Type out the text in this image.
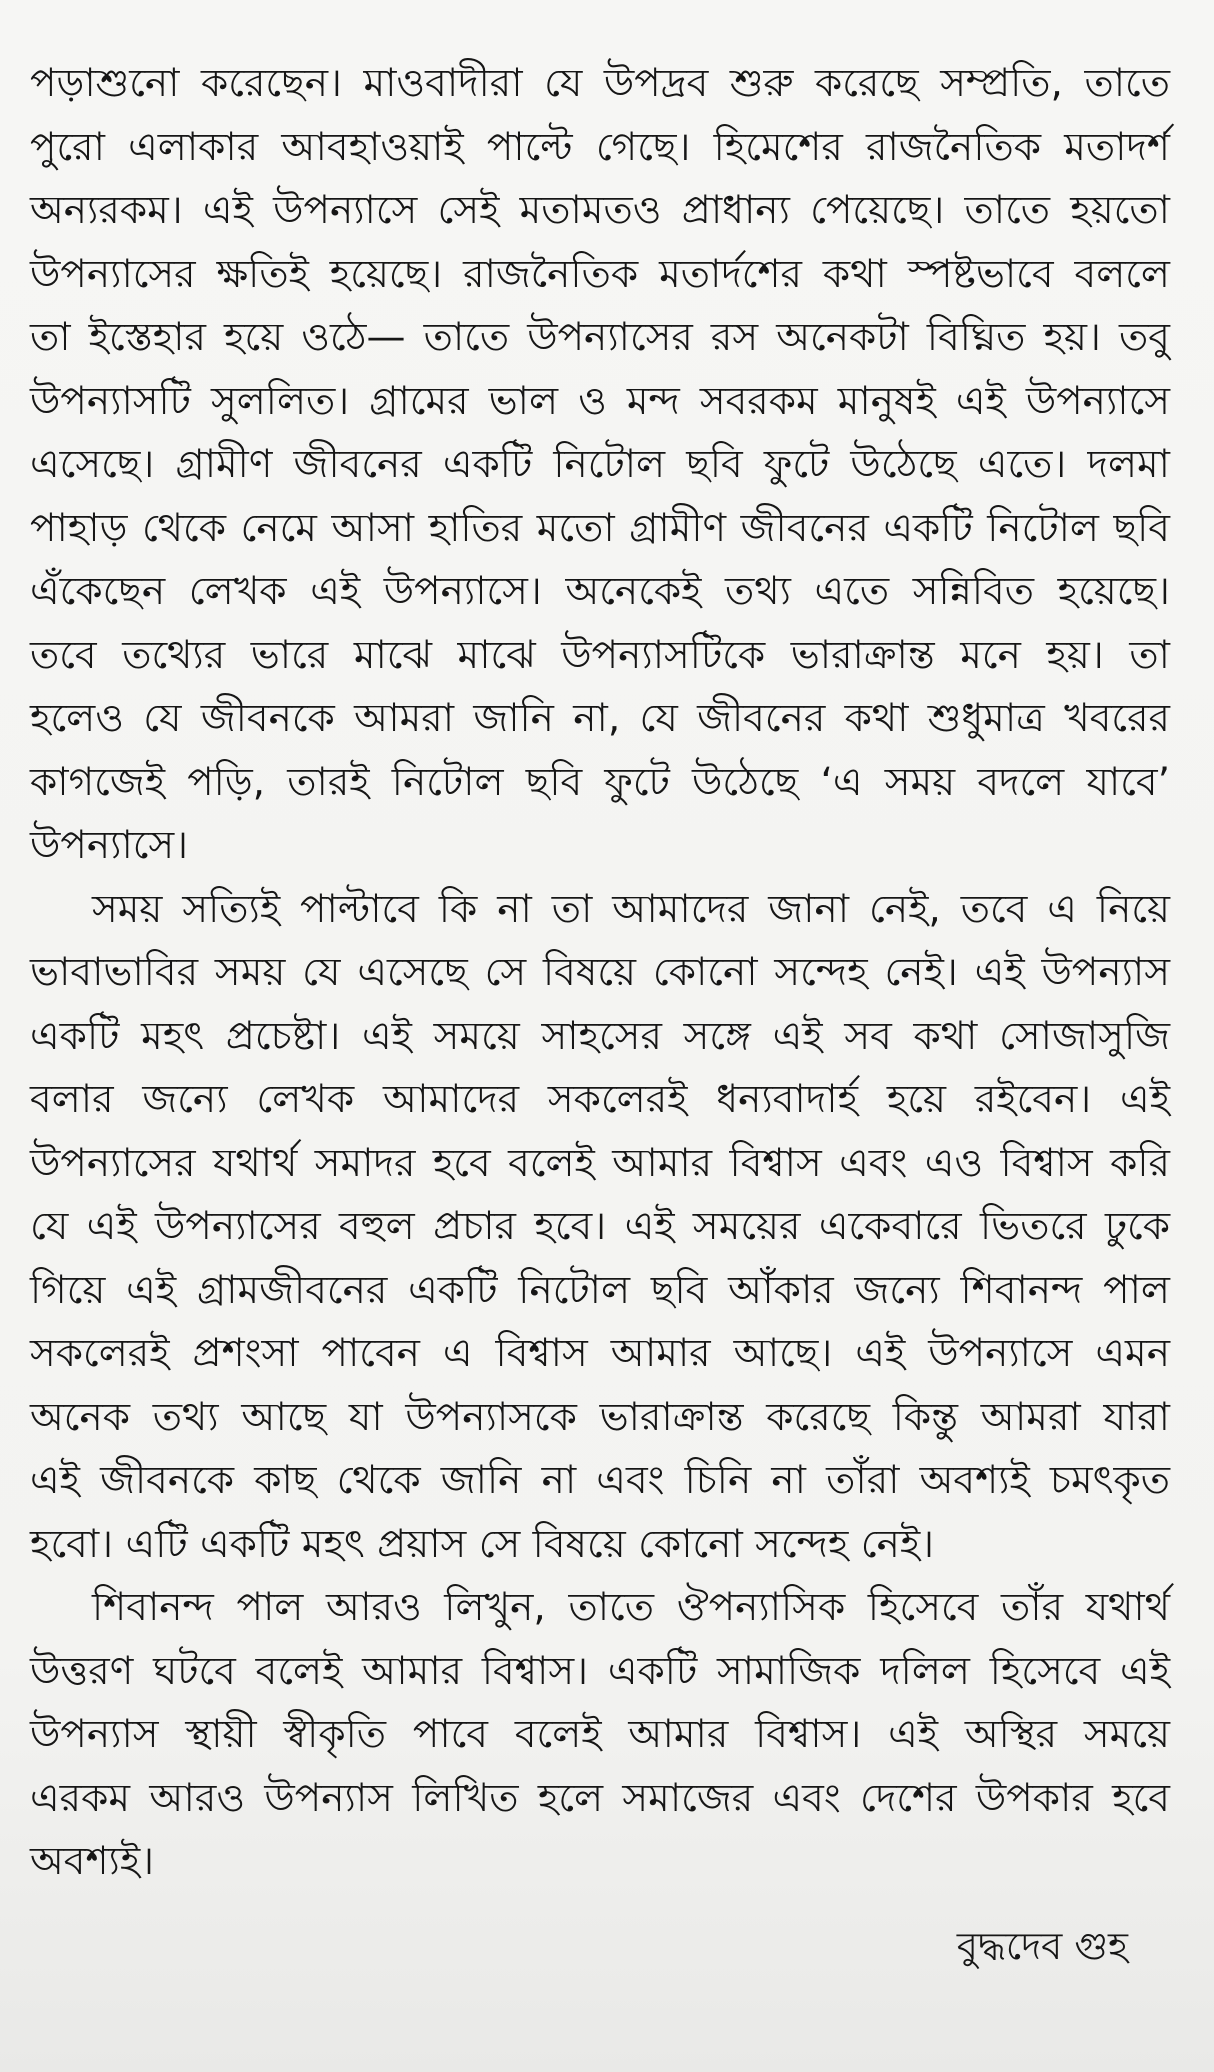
পড়াশুনো করেছেন। মাওবাদীরা যে উপদ্রব শুরু করেছে সম্প্রতি, তাতে
পুরো এলাকার আবহাওয়াই পাল্টে গেছে। হিমেশের রাজনৈতিক মতাদর্শ
অন্যরকম। এই উপন্যাসে সেই মতামতও প্রাধান্য পেয়েছে। তাতে হয়তো
উপন্যাসের ক্ষতিই হয়েছে। রাজনৈতিক মতার্দশের কথা স্পষ্টভাবে বললে
তা ইস্তেহার হয়ে ওঠে— তাতে উপন্যাসের রস অনেকটা বিঘ্নিত হয়। তবু
উপন্যাসটি সুললিত। গ্রামের ভাল ও মন্দ সবরকম মানুষই এই উপন্যাসে
এসেছে। গ্রামীণ জীবনের একটি নিটোল ছবি ফুটে উঠেছে এতে। দলমা
পাহাড় থেকে নেমে আসা হাতির মতো গ্রামীণ জীবনের একটি নিটোল ছবি
এঁকেছেন লেখক এই উপন্যাসে। অনেকেই তথ্য এতে সন্নিবিত হয়েছে।
তবে তথ্যের ভারে মাঝে মাঝে উপন্যাসটিকে ভারাক্রান্ত মনে হয়। তা
হলেও যে জীবনকে আমরা জানি না, যে জীবনের কথা শুধুমাত্র খবরের
কাগজেই পড়ি, তারই নিটোল ছবি ফুটে উঠেছে ‘এ সময় বদলে যাবে’
উপন্যাসে।
সময় সত্যিই পাল্টাবে কি না তা আমাদের জানা নেই, তবে এ নিয়ে
ভাবাভাবির সময় যে এসেছে সে বিষয়ে কোনো সন্দেহ নেই। এই উপন্যাস
একটি মহৎ প্রচেষ্টা। এই সময়ে সাহসের সঙ্গে এই সব কথা সোজাসুজি
বলার জন্যে লেখক আমাদের সকলেরই ধন্যবাদার্হ হয়ে রইবেন। এই
উপন্যাসের যথার্থ সমাদর হবে বলেই আমার বিশ্বাস এবং এও বিশ্বাস করি
যে এই উপন্যাসের বহুল প্রচার হবে। এই সময়ের একেবারে ভিতরে ঢুকে
গিয়ে এই গ্রামজীবনের একটি নিটোল ছবি আঁকার জন্যে শিবানন্দ পাল
সকলেরই প্রশংসা পাবেন এ বিশ্বাস আমার আছে। এই উপন্যাসে এমন
অনেক তথ্য আছে যা উপন্যাসকে ভারাক্রান্ত করেছে কিন্তু আমরা যারা
এই জীবনকে কাছ থেকে জানি না এবং চিনি না তাঁরা অবশ্যই চমৎকৃত
হবো। এটি একটি মহৎ প্রয়াস সে বিষয়ে কোনো সন্দেহ নেই।
শিবানন্দ পাল আরও লিখুন, তাতে ঔপন্যাসিক হিসেবে তাঁর যথার্থ
উত্তরণ ঘটবে বলেই আমার বিশ্বাস। একটি সামাজিক দলিল হিসেবে এই
উপন্যাস স্থায়ী স্বীকৃতি পাবে বলেই আমার বিশ্বাস। এই অস্থির সময়ে
এরকম আরও উপন্যাস লিখিত হলে সমাজের এবং দেশের উপকার হবে
অবশ্যই।
বুদ্ধদেব গুহ
